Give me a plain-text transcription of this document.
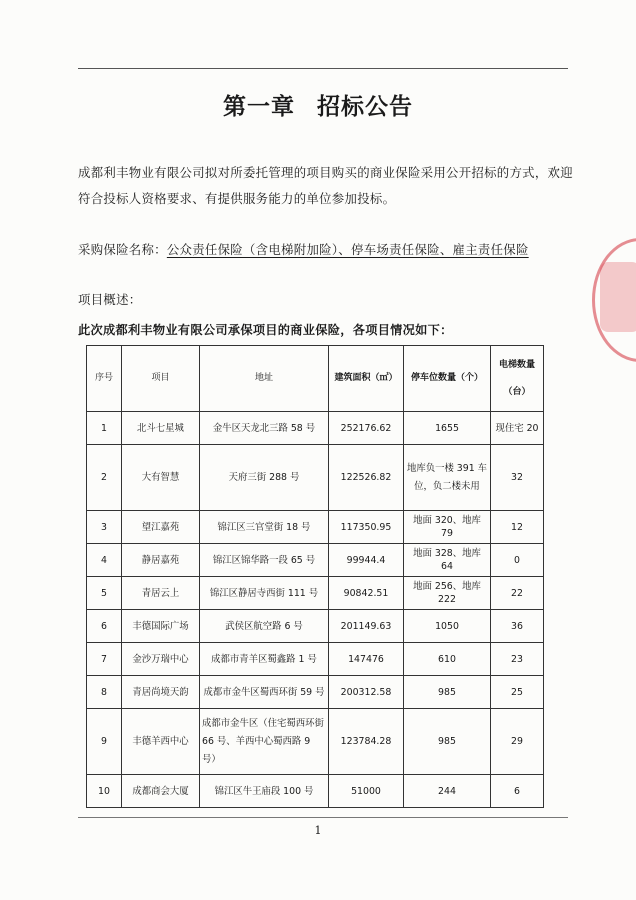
第一章 招标公告
成都利丰物业有限公司拟对所委托管理的项目购买的商业保险采用公开招标的方式，欢迎符合投标人资格要求、有提供服务能力的单位参加投标。
采购保险名称：公众责任保险（含电梯附加险）、停车场责任保险、雇主责任保险
项目概述：
此次成都利丰物业有限公司承保项目的商业保险，各项目情况如下：
序号	项目	地址	建筑面积（㎡）	停车位数量（个）	电梯数量
（台）

1	北斗七星城	金牛区天龙北三路 58 号	252176.62	1655	现住宅 20
2	大有智慧	天府三街 288 号	122526.82	地库负一楼 391 车位，负二楼未用	32
3	望江嘉苑	锦江区三官堂街 18 号	117350.95	地面 320、地库 79	12
4	静居嘉苑	锦江区锦华路一段 65 号	99944.4	地面 328、地库 64	0
5	青居云上	锦江区静居寺西街 111 号	90842.51	地面 256、地库 222	22
6	丰德国际广场	武侯区航空路 6 号	201149.63	1050	36
7	金沙万瑞中心	成都市青羊区蜀鑫路 1 号	147476	610	23
8	青居尚境天韵	成都市金牛区蜀西环街 59 号	200312.58	985	25
9	丰德羊西中心	成都市金牛区（住宅蜀西环街 66 号、羊西中心蜀西路 9 号）	123784.28	985	29
10	成都商会大厦	锦江区牛王庙段 100 号	51000	244	6
1
